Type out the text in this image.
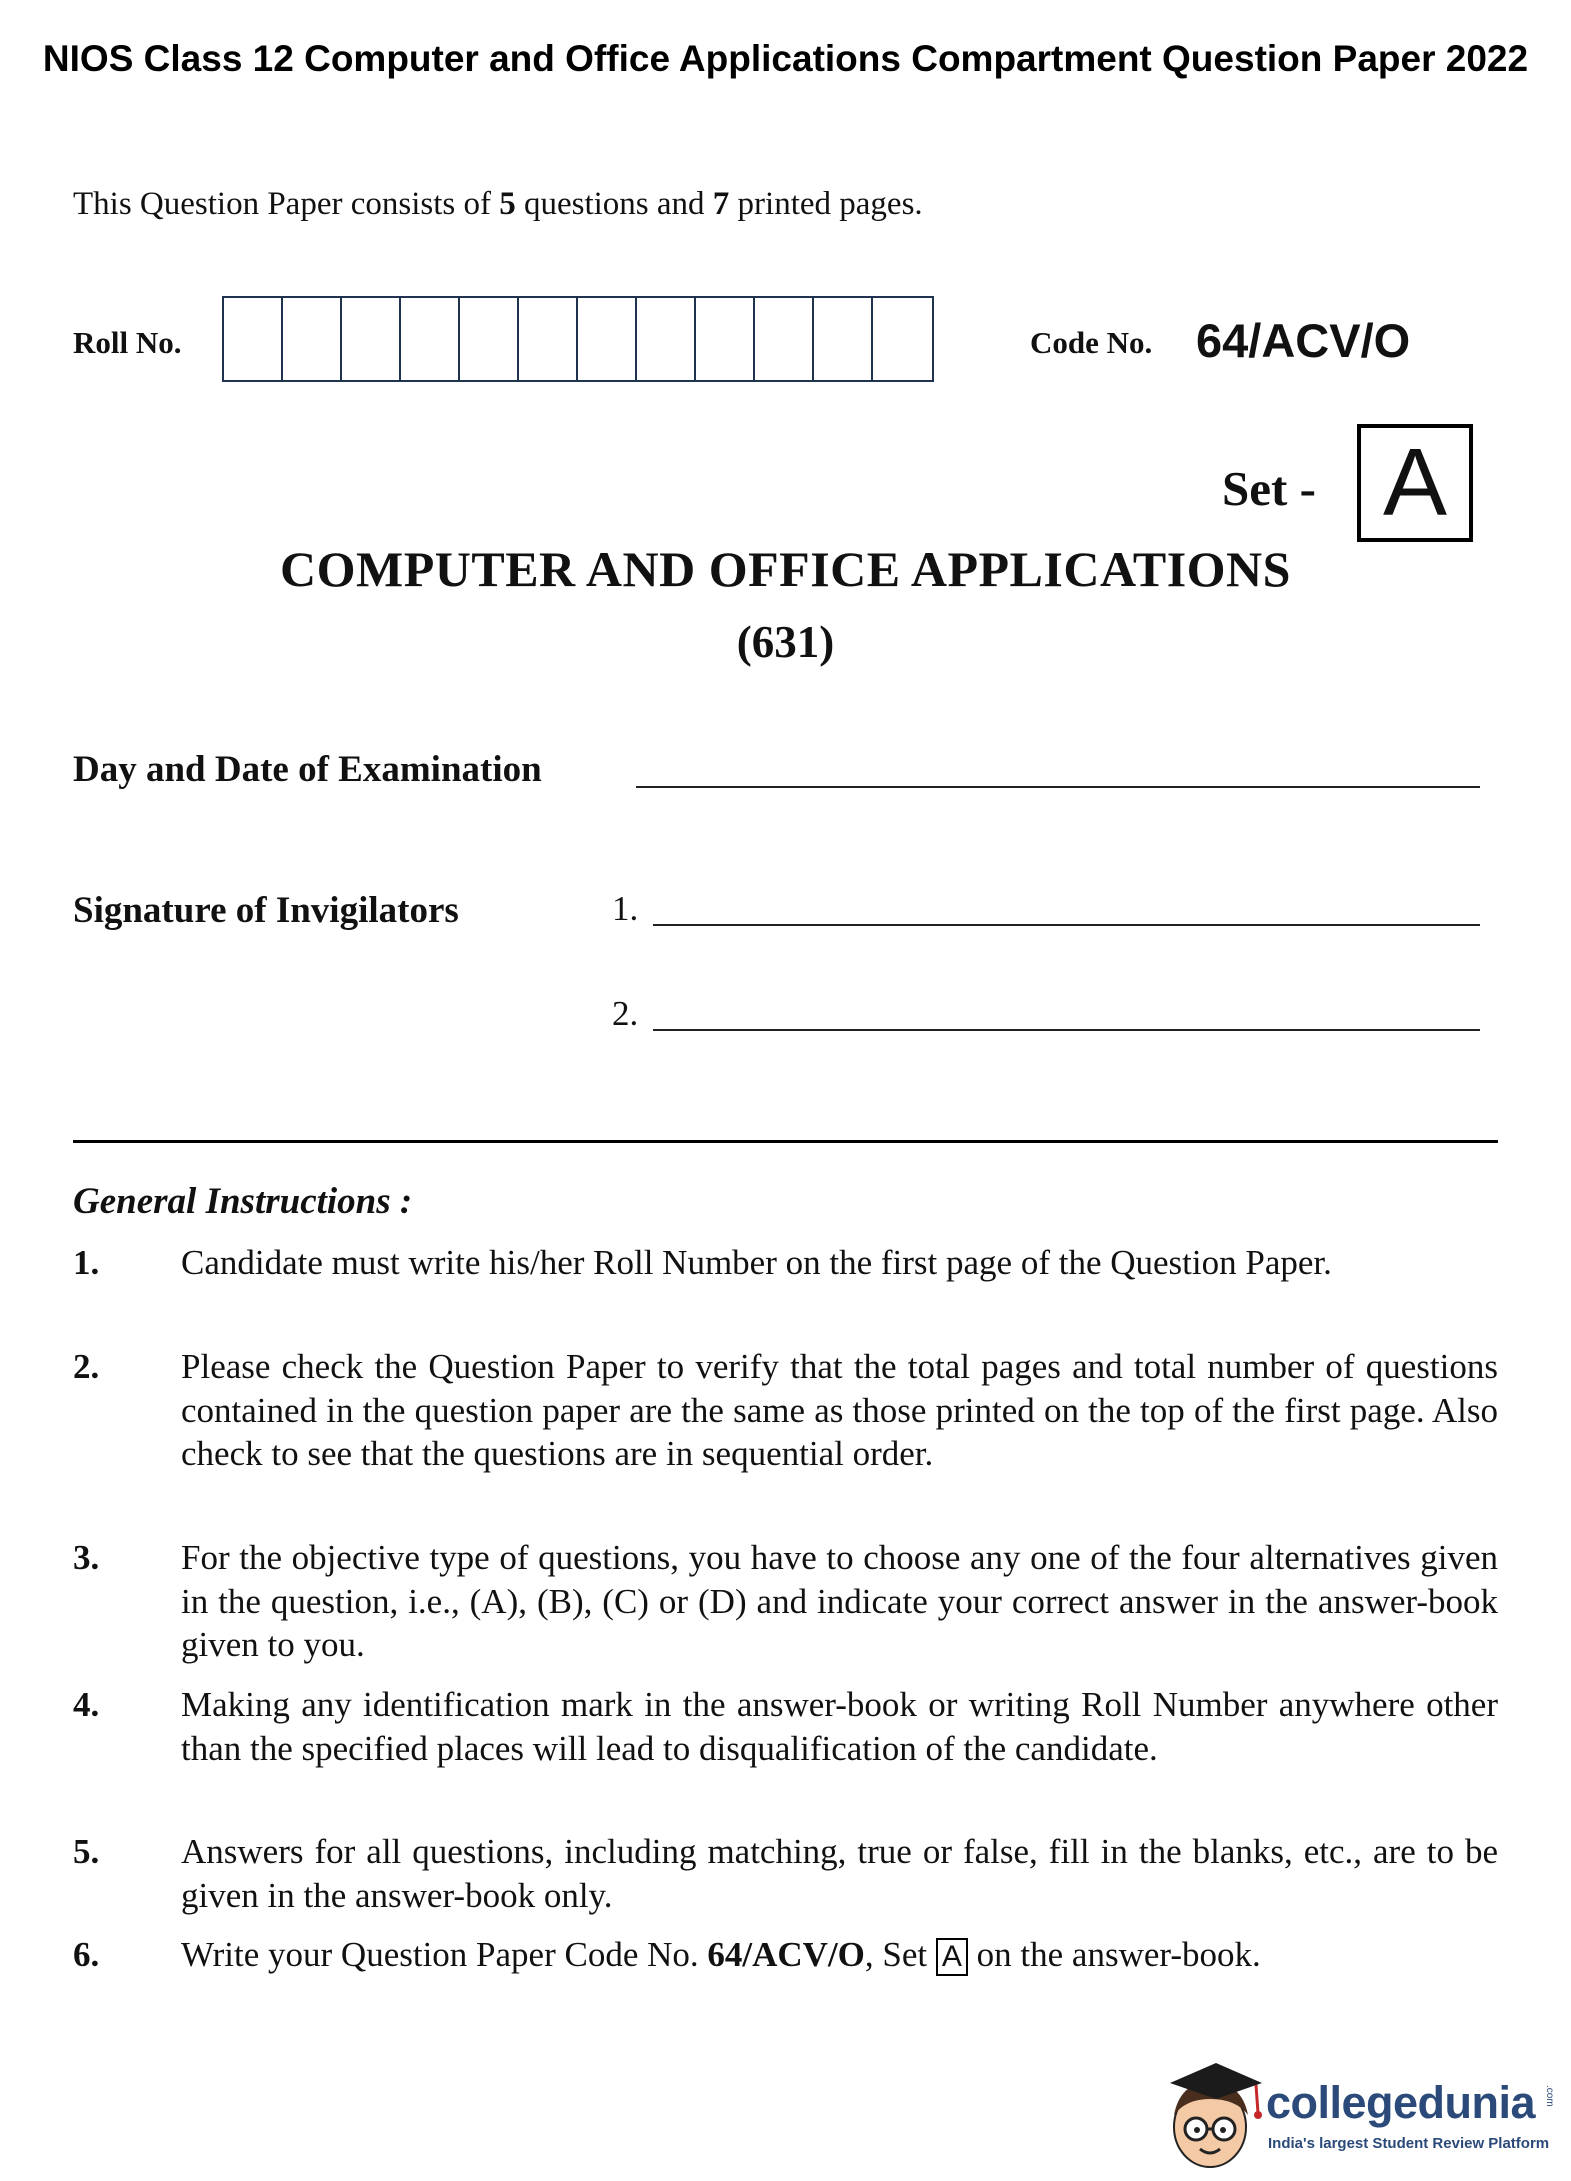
NIOS Class 12 Computer and Office Applications Compartment Question Paper 2022
This Question Paper consists of 5 questions and 7 printed pages.
Roll No.	Code No. 64/ACV/O
Set - A
COMPUTER AND OFFICE APPLICATIONS
(631)
Day and Date of Examination
Signature of Invigilators	1.
2.
General Instructions :
1. Candidate must write his/her Roll Number on the first page of the Question Paper.
2. Please check the Question Paper to verify that the total pages and total number of questions contained in the question paper are the same as those printed on the top of the first page. Also check to see that the questions are in sequential order.
3. For the objective type of questions, you have to choose any one of the four alternatives given in the question, i.e., (A), (B), (C) or (D) and indicate your correct answer in the answer-book given to you.
4. Making any identification mark in the answer-book or writing Roll Number anywhere other than the specified places will lead to disqualification of the candidate.
5. Answers for all questions, including matching, true or false, fill in the blanks, etc., are to be given in the answer-book only.
6. Write your Question Paper Code No. 64/ACV/O, Set A on the answer-book.
collegedunia .com
India's largest Student Review Platform
